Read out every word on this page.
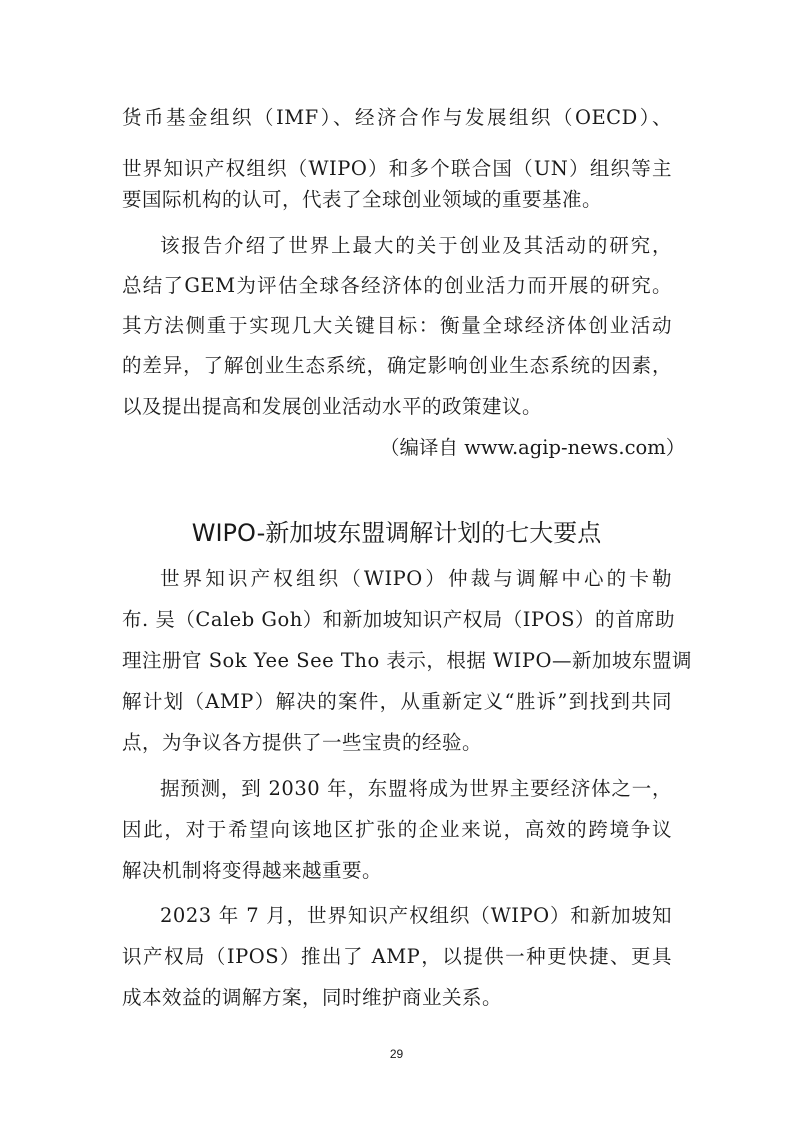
货币基金组织（IMF）、经济合作与发展组织（OECD）、
世界知识产权组织（WIPO）和多个联合国（UN）组织等主
要国际机构的认可，代表了全球创业领域的重要基准。
该报告介绍了世界上最大的关于创业及其活动的研究，
总结了GEM为评估全球各经济体的创业活力而开展的研究。
其方法侧重于实现几大关键目标：衡量全球经济体创业活动
的差异，了解创业生态系统，确定影响创业生态系统的因素，
以及提出提高和发展创业活动水平的政策建议。
（编译自 www.agip-news.com）
WIPO-新加坡东盟调解计划的七大要点
世界知识产权组织（WIPO）仲裁与调解中心的卡勒
布. 吴（Caleb Goh）和新加坡知识产权局（IPOS）的首席助
理注册官 Sok Yee See Tho 表示，根据 WIPO—新加坡东盟调
解计划（AMP）解决的案件，从重新定义“胜诉”到找到共同
点，为争议各方提供了一些宝贵的经验。
据预测，到 2030 年，东盟将成为世界主要经济体之一，
因此，对于希望向该地区扩张的企业来说，高效的跨境争议
解决机制将变得越来越重要。
2023 年 7 月，世界知识产权组织（WIPO）和新加坡知
识产权局（IPOS）推出了 AMP，以提供一种更快捷、更具
成本效益的调解方案，同时维护商业关系。
29
